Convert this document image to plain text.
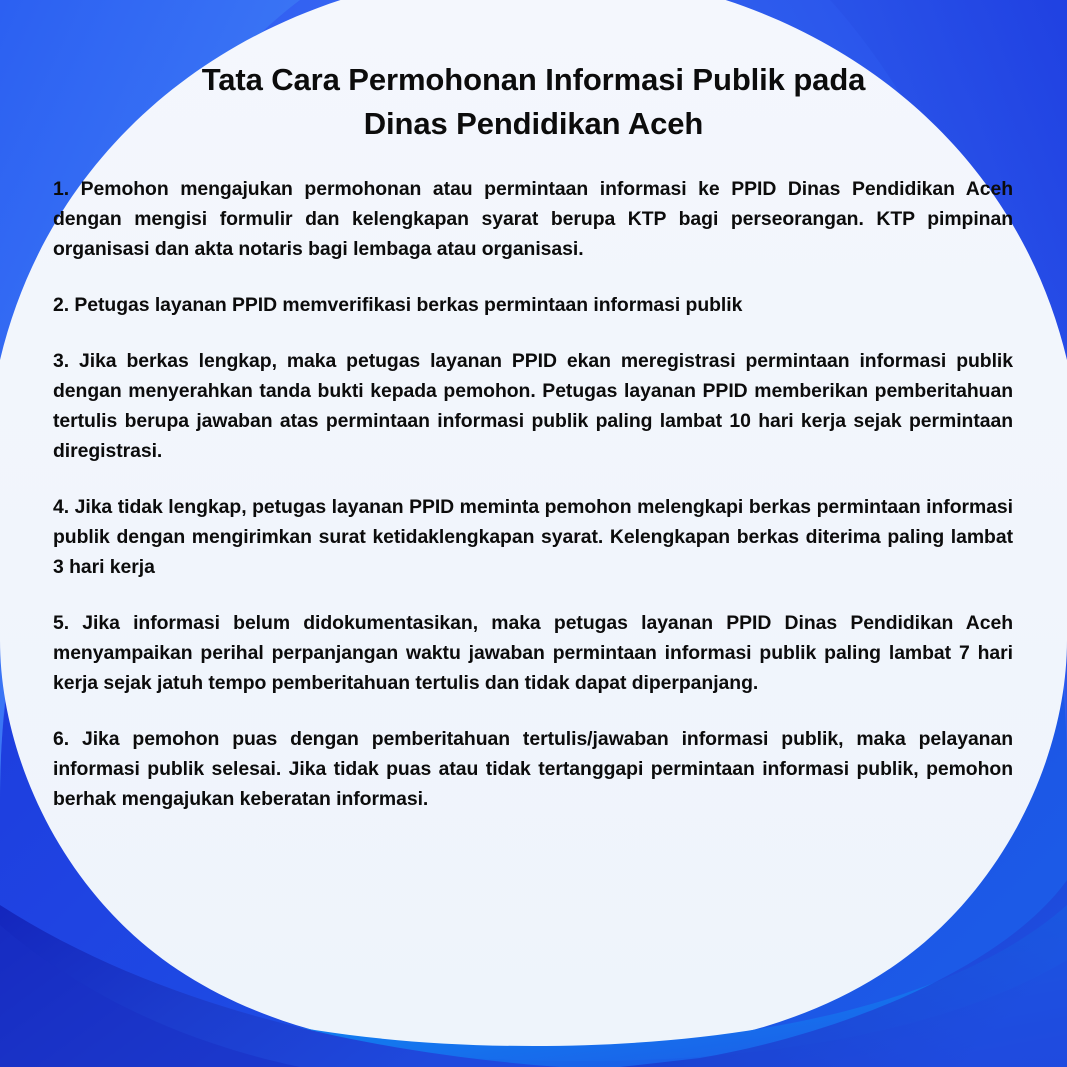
Tata Cara Permohonan Informasi Publik pada
Dinas Pendidikan Aceh

1. Pemohon mengajukan permohonan atau permintaan informasi ke PPID Dinas Pendidikan Aceh dengan mengisi formulir dan kelengkapan syarat berupa KTP bagi perseorangan. KTP pimpinan organisasi dan akta notaris bagi lembaga atau organisasi.

2. Petugas layanan PPID memverifikasi berkas permintaan informasi publik

3. Jika berkas lengkap, maka petugas layanan PPID ekan meregistrasi permintaan informasi publik dengan menyerahkan tanda bukti kepada pemohon. Petugas layanan PPID memberikan pemberitahuan tertulis berupa jawaban atas permintaan informasi publik paling lambat 10 hari kerja sejak permintaan diregistrasi.

4. Jika tidak lengkap, petugas layanan PPID meminta pemohon melengkapi berkas permintaan informasi publik dengan mengirimkan surat ketidaklengkapan syarat. Kelengkapan berkas diterima paling lambat 3 hari kerja

5. Jika informasi belum didokumentasikan, maka petugas layanan PPID Dinas Pendidikan Aceh menyampaikan perihal perpanjangan waktu jawaban permintaan informasi publik paling lambat 7 hari kerja sejak jatuh tempo pemberitahuan tertulis dan tidak dapat diperpanjang.

6. Jika pemohon puas dengan pemberitahuan tertulis/jawaban informasi publik, maka pelayanan informasi publik selesai. Jika tidak puas atau tidak tertanggapi permintaan informasi publik, pemohon berhak mengajukan keberatan informasi.
